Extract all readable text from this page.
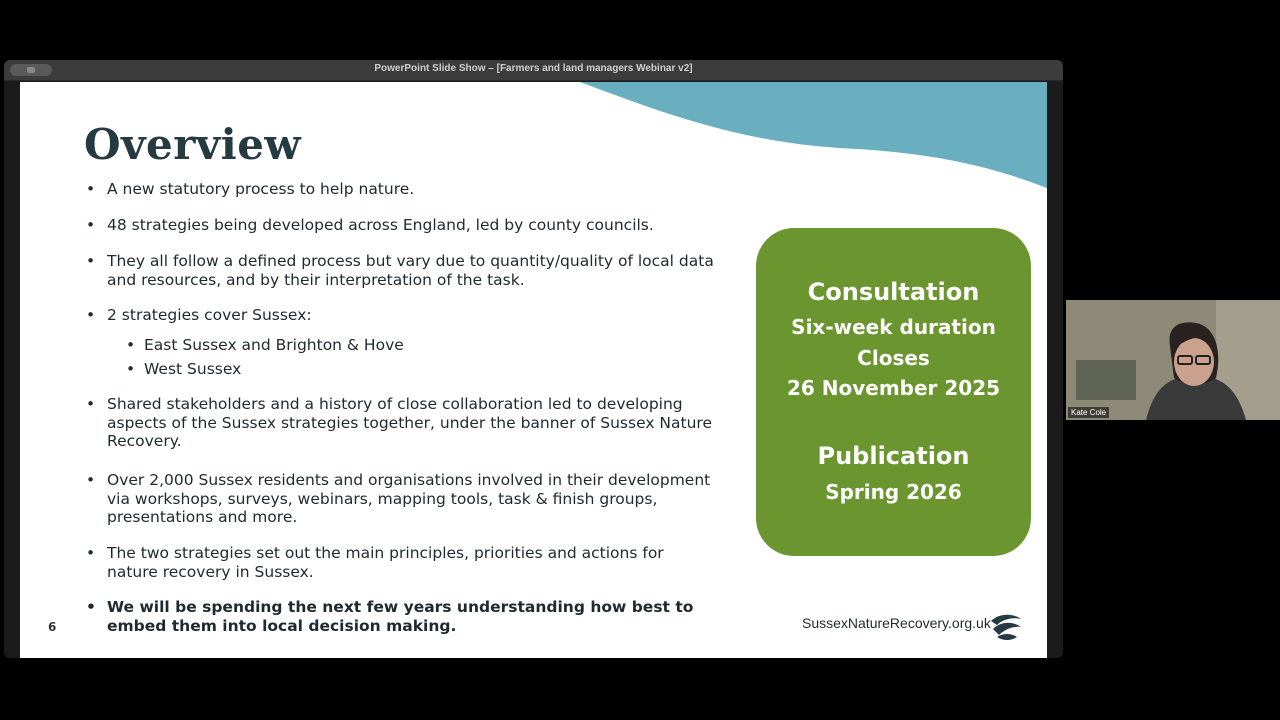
PowerPoint Slide Show – [Farmers and land managers Webinar v2]
Overview
• A new statutory process to help nature.
• 48 strategies being developed across England, led by county councils.
• They all follow a defined process but vary due to quantity/quality of local data and resources, and by their interpretation of the task.
• 2 strategies cover Sussex:
• East Sussex and Brighton & Hove
• West Sussex
• Shared stakeholders and a history of close collaboration led to developing aspects of the Sussex strategies together, under the banner of Sussex Nature Recovery.
• Over 2,000 Sussex residents and organisations involved in their development via workshops, surveys, webinars, mapping tools, task & finish groups, presentations and more.
• The two strategies set out the main principles, priorities and actions for nature recovery in Sussex.
• We will be spending the next few years understanding how best to embed them into local decision making.
6
Consultation
Six-week duration
Closes
26 November 2025
Publication
Spring 2026
SussexNatureRecovery.org.uk
Kate Cole
